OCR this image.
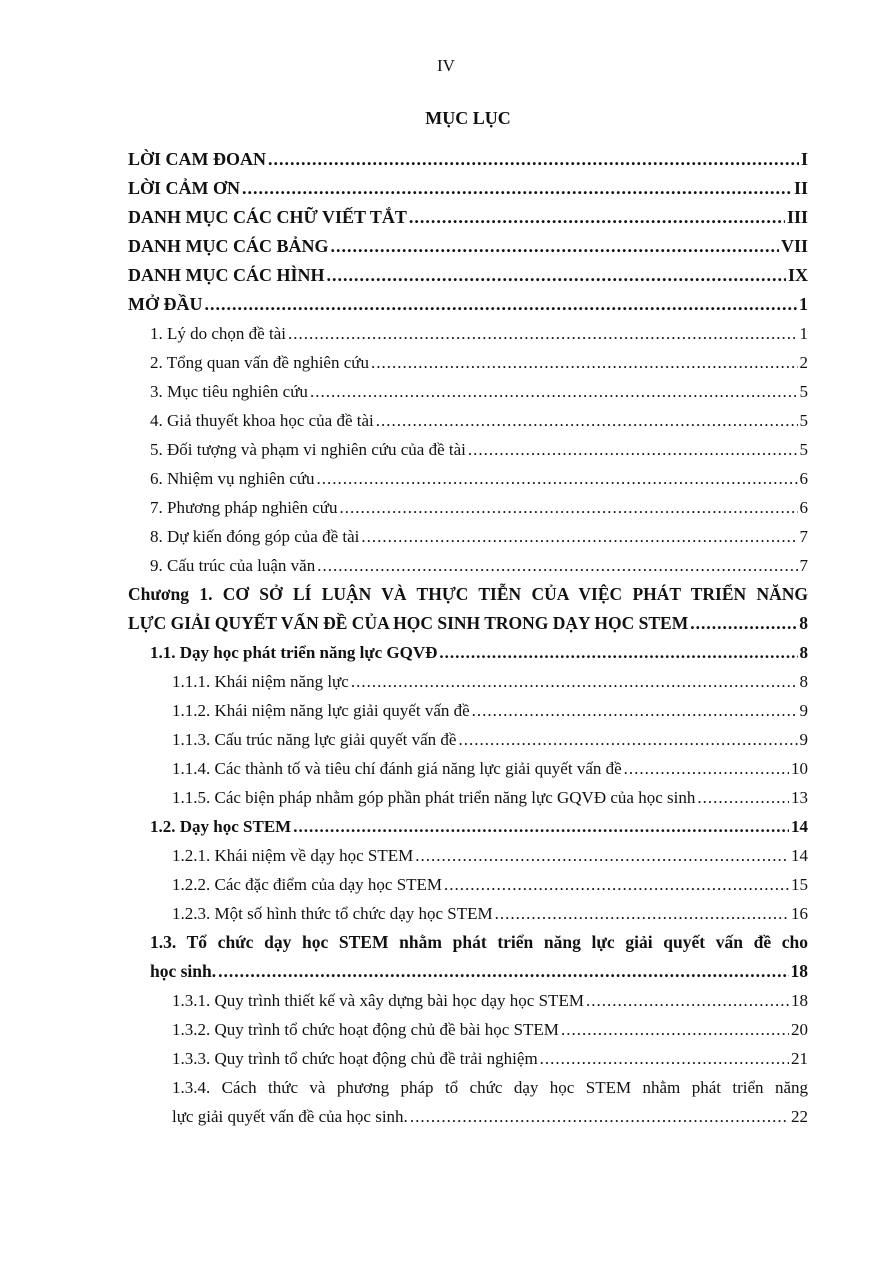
IV
MỤC LỤC
LỜI CAM ĐOAN .....	I
LỜI CẢM ƠN .....	II
DANH MỤC CÁC CHỮ VIẾT TẮT .....	III
DANH MỤC CÁC BẢNG .....	VII
DANH MỤC CÁC HÌNH .....	IX
MỞ ĐẦU .....	1
1. Lý do chọn đề tài .....	1
2. Tổng quan vấn đề nghiên cứu .....	2
3. Mục tiêu nghiên cứu .....	5
4. Giả thuyết khoa học của đề tài .....	5
5. Đối tượng và phạm vi nghiên cứu của đề tài .....	5
6. Nhiệm vụ nghiên cứu .....	6
7. Phương pháp nghiên cứu .....	6
8. Dự kiến đóng góp của đề tài .....	7
9. Cấu trúc của luận văn .....	7
Chương 1. CƠ SỞ LÍ LUẬN VÀ THỰC TIỄN CỦA VIỆC PHÁT TRIỂN NĂNG
LỰC GIẢI QUYẾT VẤN ĐỀ CỦA HỌC SINH TRONG DẠY HỌC STEM .....	8
1.1. Dạy học phát triển năng lực GQVĐ .....	8
1.1.1. Khái niệm năng lực .....	8
1.1.2. Khái niệm năng lực giải quyết vấn đề .....	9
1.1.3. Cấu trúc năng lực giải quyết vấn đề .....	9
1.1.4. Các thành tố và tiêu chí đánh giá năng lực giải quyết vấn đề .....	10
1.1.5. Các biện pháp nhằm góp phần phát triển năng lực GQVĐ của học sinh .....	13
1.2. Dạy học STEM .....	14
1.2.1. Khái niệm về dạy học STEM .....	14
1.2.2. Các đặc điểm của dạy học STEM .....	15
1.2.3. Một số hình thức tổ chức dạy học STEM .....	16
1.3. Tổ chức dạy học STEM nhằm phát triển năng lực giải quyết vấn đề cho
học sinh. .....	18
1.3.1. Quy trình thiết kế và xây dựng bài học dạy học STEM .....	18
1.3.2. Quy trình tổ chức hoạt động chủ đề bài học STEM .....	20
1.3.3. Quy trình tổ chức hoạt động chủ đề trải nghiệm .....	21
1.3.4. Cách thức và phương pháp tổ chức dạy học STEM nhằm phát triển năng
lực giải quyết vấn đề của học sinh. .....	22
